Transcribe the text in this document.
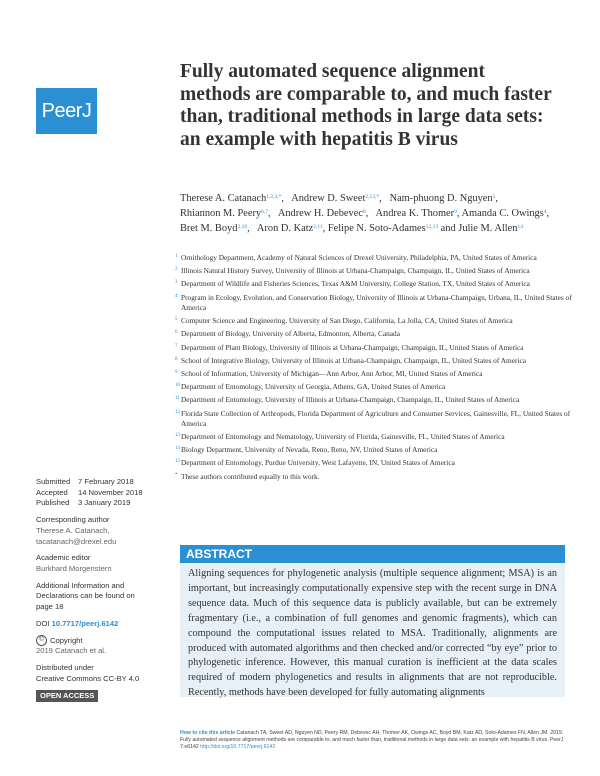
PeerJ
Fully automated sequence alignment methods are comparable to, and much faster than, traditional methods in large data sets: an example with hepatitis B virus
Therese A. Catanach$^{1,2,3,*}$, Andrew D. Sweet$^{2,13,*}$, Nam-phuong D. Nguyen$^5$, Rhiannon M. Peery$^{6,7}$, Andrew H. Debevec$^8$, Andrea K. Thomer$^9$, Amanda C. Owings$^4$,   Bret M. Boyd$^{2,10}$, Aron D. Katz$^{2,11}$, Felipe N. Soto-Adames$^{12,13}$ and Julie M. Allen$^{14}$
1 Ornithology Department, Academy of Natural Sciences of Drexel University, Philadelphia, PA, United States of America
2 Illinois Natural History Survey, University of Illinois at Urbana-Champaign, Champaign, IL, United States of America
3 Department of Wildlife and Fisheries Sciences, Texas A&M University, College Station, TX, United States of America
4 Program in Ecology, Evolution, and Conservation Biology, University of Illinois at Urbana-Champaign, Urbana, IL, United States of America
5 Computer Science and Engineering, University of San Diego, California, La Jolla, CA, United States of America
6 Department of Biology, University of Alberta, Edmonton, Alberta, Canada
7 Department of Plant Biology, University of Illinois at Urbana-Champaign, Champaign, IL, United States of America
8 School of Integrative Biology, University of Illinois at Urbana-Champaign, Champaign, IL, United States of America
9 School of Information, University of Michigan—Ann Arbor, Ann Arbor, MI, United States of America
10 Department of Entomology, University of Georgia, Athens, GA, United States of America
11 Department of Entomology, University of Illinois at Urbana-Champaign, Champaign, IL, United States of America
12 Florida State Collection of Arthropods, Florida Department of Agriculture and Consumer Services, Gainesville, FL, United States of America
13 Department of Entomology and Nematology, University of Florida, Gainesville, FL, United States of America
14 Biology Department, University of Nevada, Reno, Reno, NV, United States of America
15 Department of Entomology, Purdue University, West Lafayette, IN, United States of America
* These authors contributed equally to this work.
Submitted	7 February 2018
Accepted	14 November 2018
Published	3 January 2019
Corresponding author
Therese A. Catanach,
tacatanach@drexel.edu
Academic editor
Burkhard Morgenstern
Additional Information and
Declarations can be found on
page 18
DOI 10.7717/peerj.6142
© Copyright
2019 Catanach et al.
Distributed under
Creative Commons CC-BY 4.0
OPEN ACCESS
ABSTRACT
Aligning sequences for phylogenetic analysis (multiple sequence alignment; MSA) is an important, but increasingly computationally expensive step with the recent surge in DNA sequence data. Much of this sequence data is publicly available, but can be extremely fragmentary (i.e., a combination of full genomes and genomic fragments), which can compound the computational issues related to MSA. Traditionally, alignments are produced with automated algorithms and then checked and/or corrected “by eye” prior to phylogenetic inference. However, this manual curation is inefficient at the data scales required of modern phylogenetics and results in alignments that are not reproducible. Recently, methods have been developed for fully automating alignments
How to cite this article Catanach TA, Sweet AD, Nguyen ND, Peery RM, Debevec AH, Thomer AK, Owings AC, Boyd BM, Katz AD, Soto-Adames FN, Allen JM. 2019. Fully automated sequence alignment methods are comparable to, and much faster than, traditional methods in large data sets: an example with hepatitis B virus. PeerJ 7:e6142 http://doi.org/10.7717/peerj.6142
